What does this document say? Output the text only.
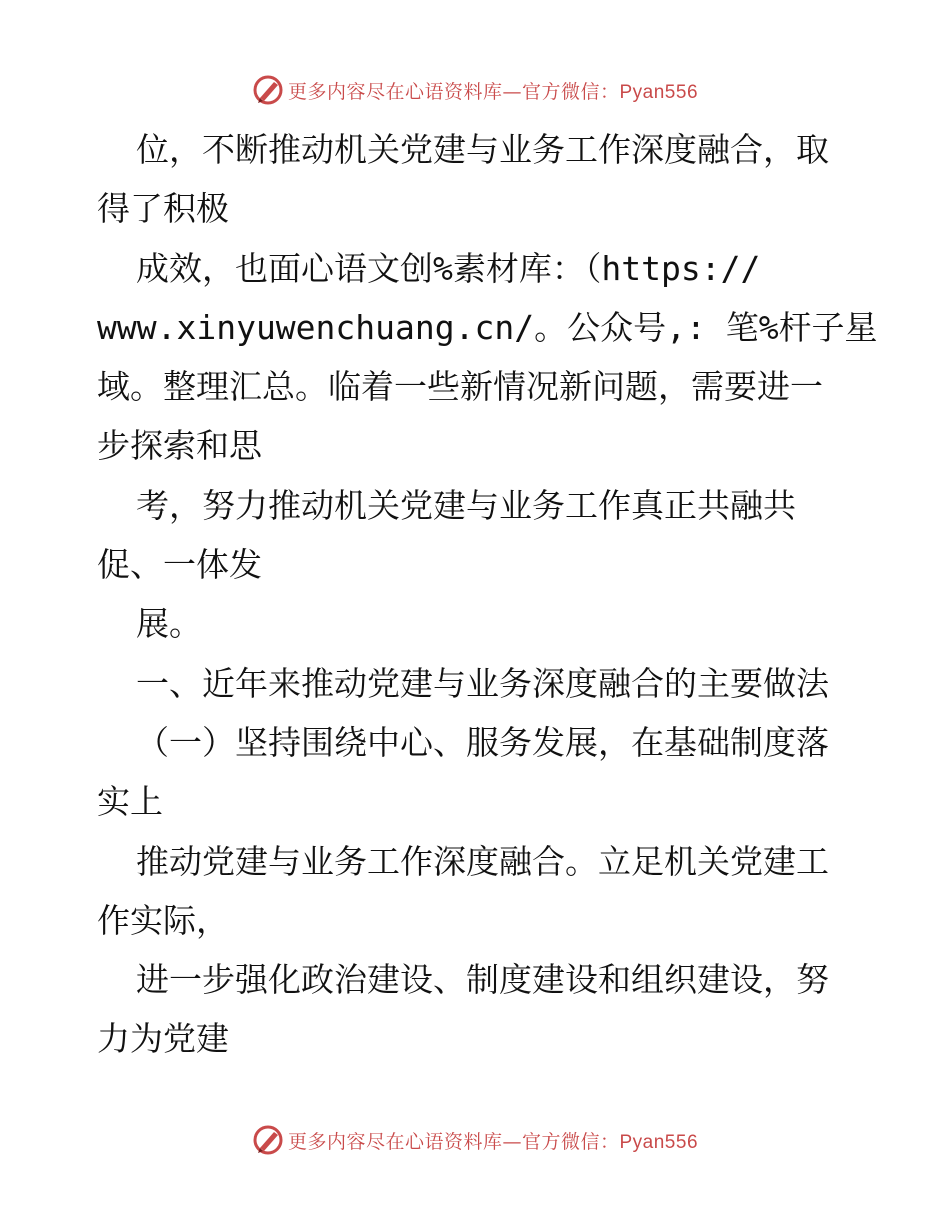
更多内容尽在心语资料库—官方微信：Pyan556
位，不断推动机关党建与业务工作深度融合，取
得了积极
成效，也面心语文创%素材库：（https://
www.xinyuwenchuang.cn/。公众号,: 笔%杆子星
域。整理汇总。临着一些新情况新问题，需要进一
步探索和思
考，努力推动机关党建与业务工作真正共融共
促、一体发
展。
一、近年来推动党建与业务深度融合的主要做法
（一）坚持围绕中心、服务发展，在基础制度落
实上
推动党建与业务工作深度融合。立足机关党建工
作实际，
进一步强化政治建设、制度建设和组织建设，努
力为党建
更多内容尽在心语资料库—官方微信：Pyan556
